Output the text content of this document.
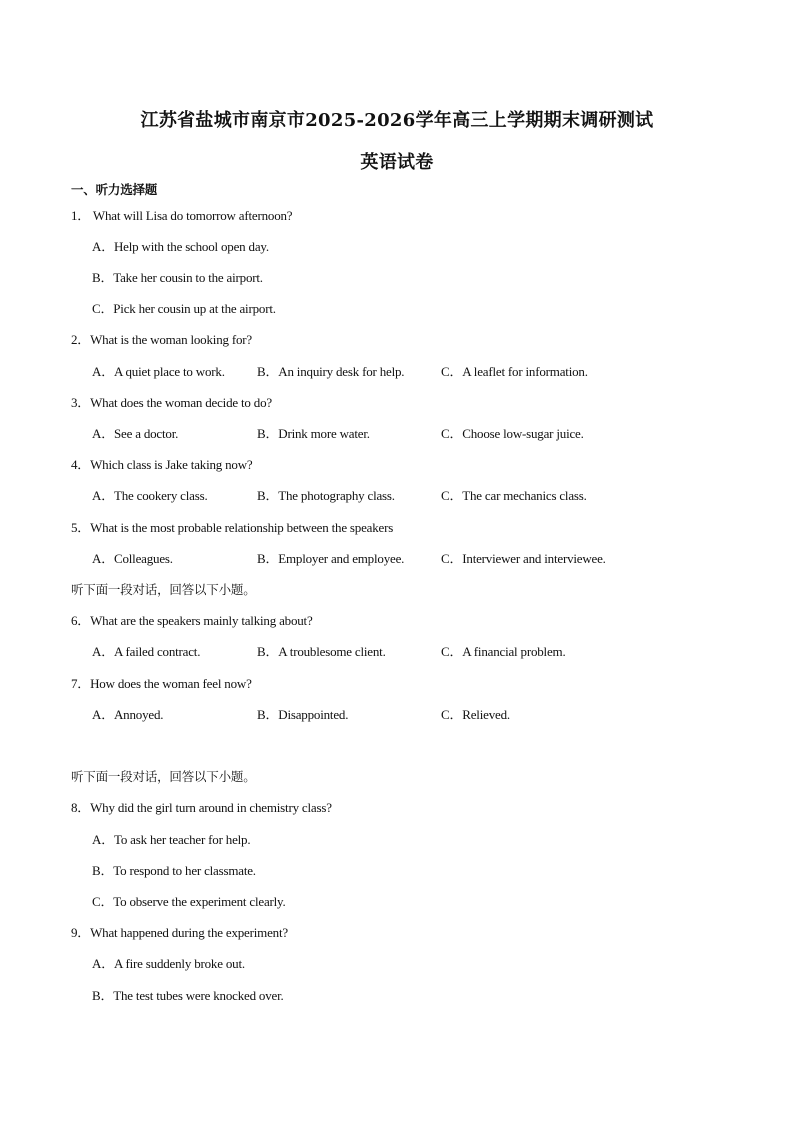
江苏省盐城市南京市2025-2026学年高三上学期期末调研测试
英语试卷
一、听力选择题
1． What will Lisa do tomorrow afternoon?
A．Help with the school open day.
B．Take her cousin to the airport.
C．Pick her cousin up at the airport.
2．What is the woman looking for?
A．A quiet place to work. B．An inquiry desk for help.	C．A leaflet for information.
3．What does the woman decide to do?
A．See a doctor.	B．Drink more water.	C．Choose low-sugar juice.
4．Which class is Jake taking now?
A．The cookery class.	B．The photography class.	C．The car mechanics class.
5．What is the most probable relationship between the speakers
A．Colleagues.	B．Employer and employee.	C．Interviewer and interviewee.
听下面一段对话，回答以下小题。
6．What are the speakers mainly talking about?
A．A failed contract.	B．A troublesome client.	C．A financial problem.
7．How does the woman feel now?
A．Annoyed.	B．Disappointed.	C．Relieved.
听下面一段对话，回答以下小题。
8．Why did the girl turn around in chemistry class?
A．To ask her teacher for help.
B．To respond to her classmate.
C．To observe the experiment clearly.
9．What happened during the experiment?
A．A fire suddenly broke out.
B．The test tubes were knocked over.
